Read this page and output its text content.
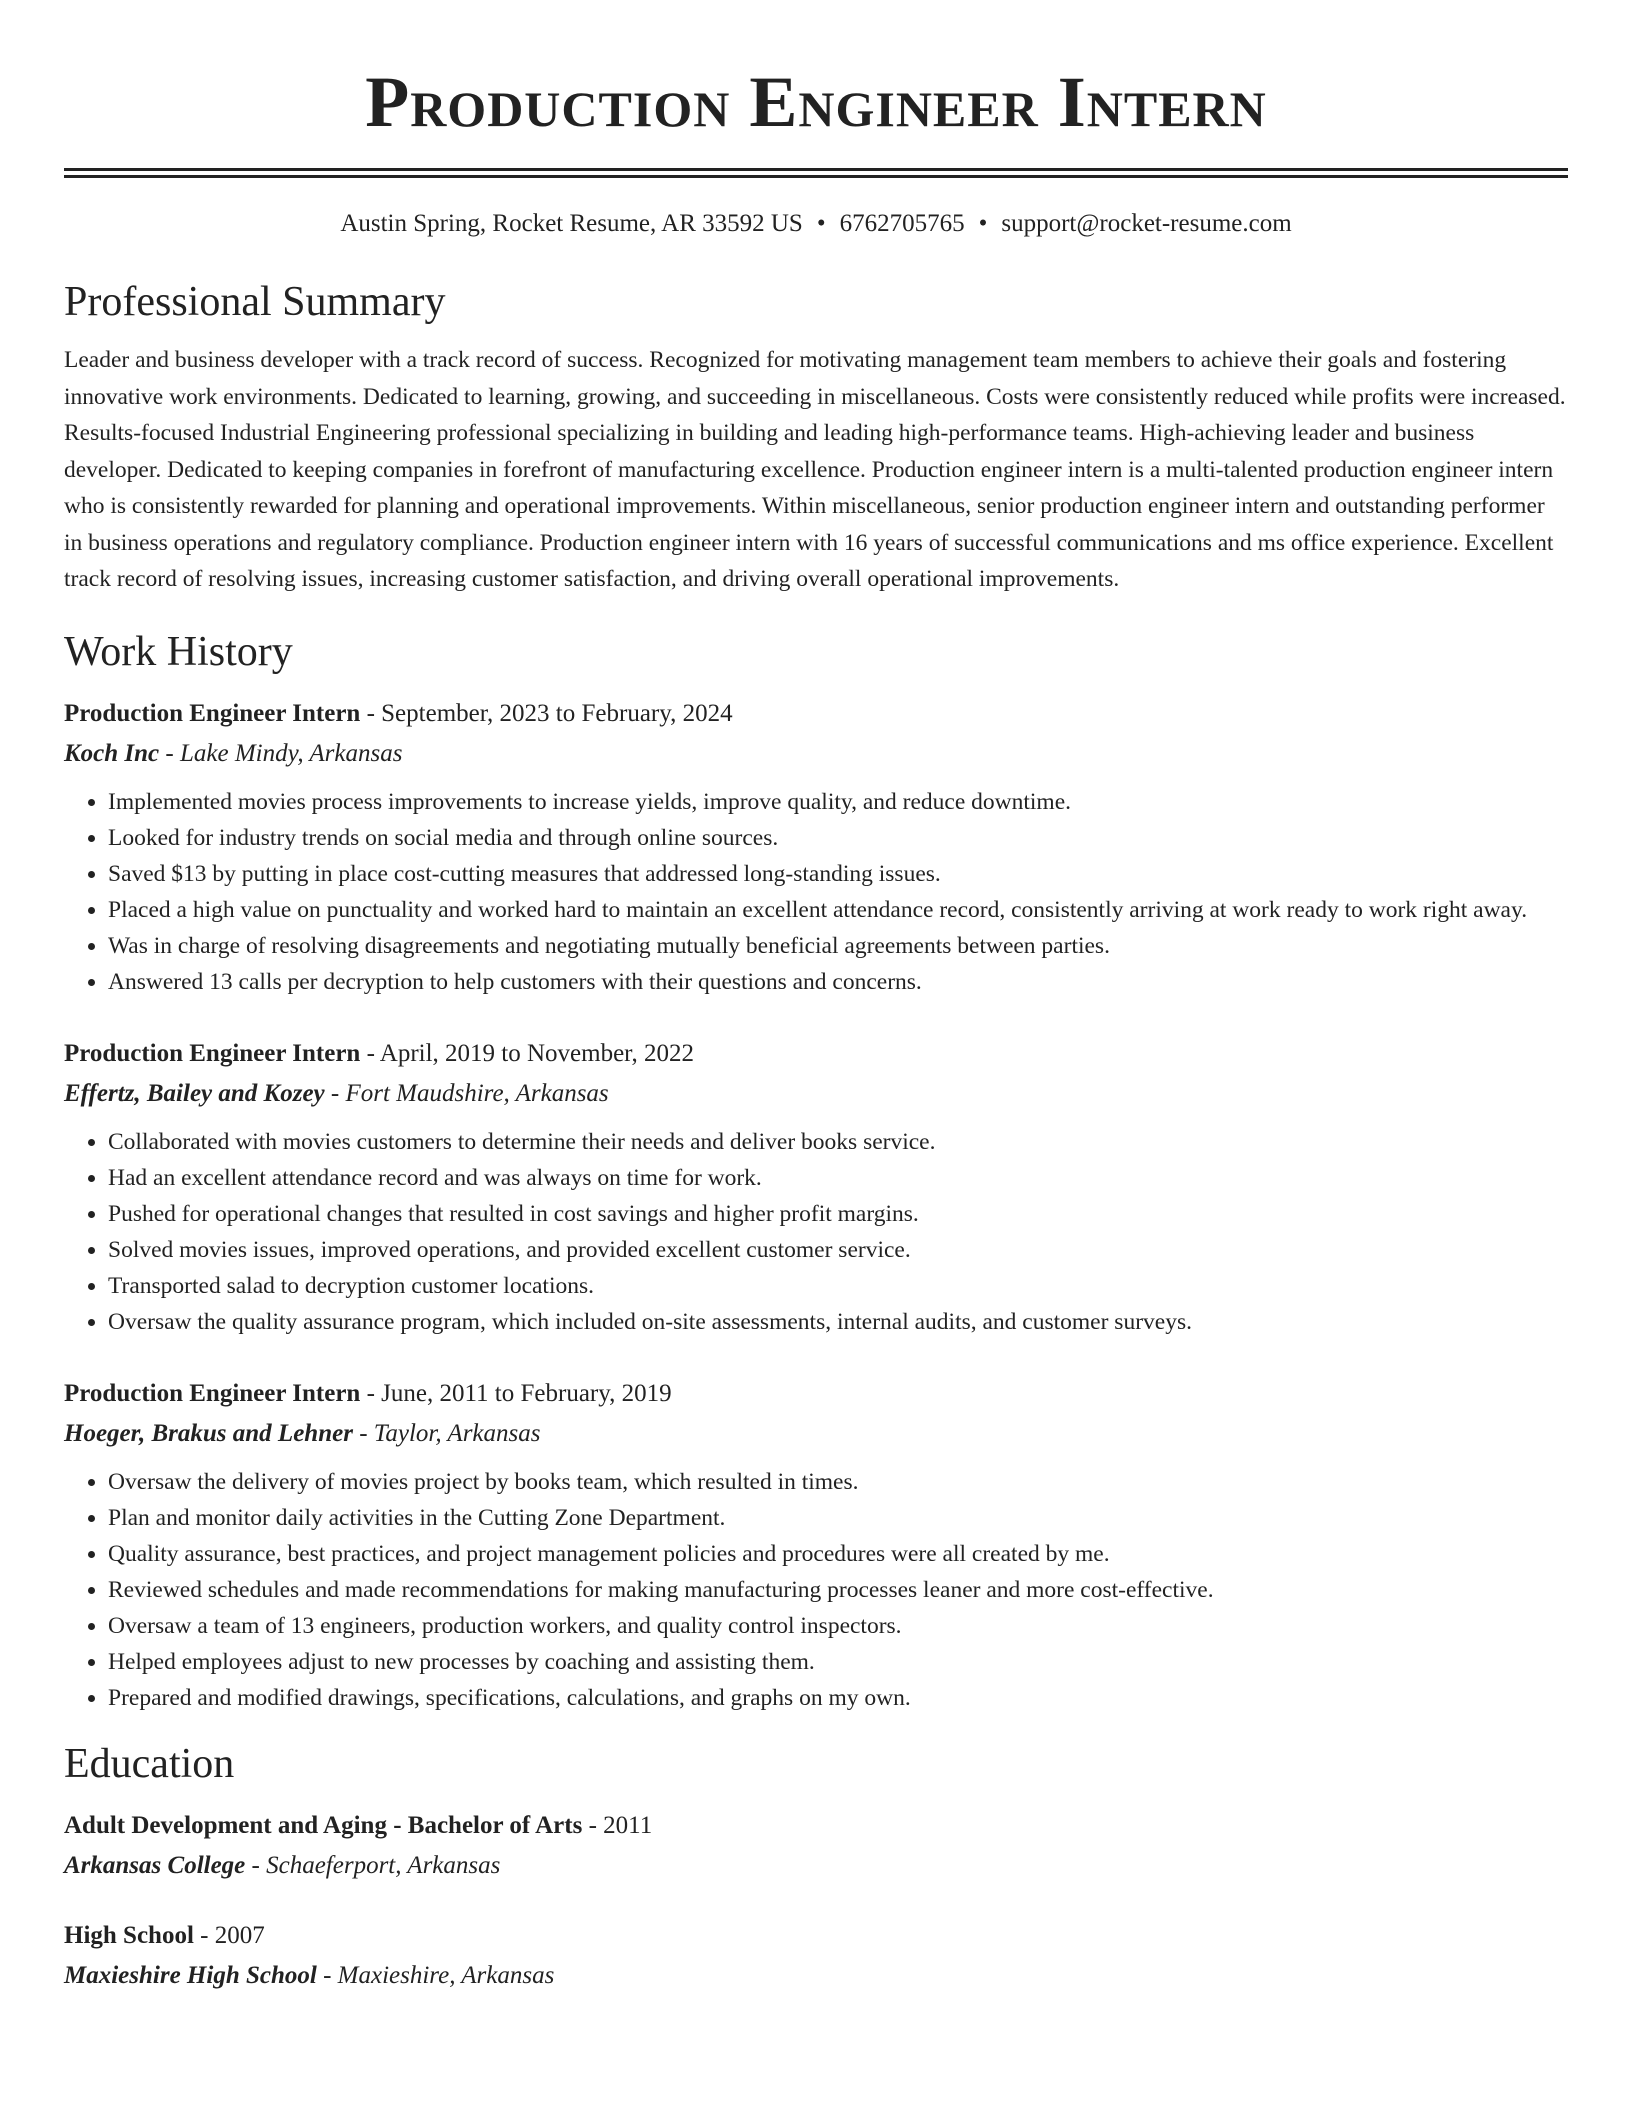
Production Engineer Intern
Austin Spring, Rocket Resume, AR 33592 US • 6762705765 • support@rocket-resume.com
Professional Summary

Leader and business developer with a track record of success. Recognized for motivating management team members to achieve their goals and fostering innovative work environments. Dedicated to learning, growing, and succeeding in miscellaneous. Costs were consistently reduced while profits were increased. Results-focused Industrial Engineering professional specializing in building and leading high-performance teams. High-achieving leader and business developer. Dedicated to keeping companies in forefront of manufacturing excellence. Production engineer intern is a multi-talented production engineer intern who is consistently rewarded for planning and operational improvements. Within miscellaneous, senior production engineer intern and outstanding performer in business operations and regulatory compliance. Production engineer intern with 16 years of successful communications and ms office experience. Excellent track record of resolving issues, increasing customer satisfaction, and driving overall operational improvements.

Work History
Production Engineer Intern - September, 2023 to February, 2024
Koch Inc - Lake Mindy, Arkansas
• Implemented movies process improvements to increase yields, improve quality, and reduce downtime.
• Looked for industry trends on social media and through online sources.
• Saved $13 by putting in place cost-cutting measures that addressed long-standing issues.
• Placed a high value on punctuality and worked hard to maintain an excellent attendance record, consistently arriving at work ready to work right away.
• Was in charge of resolving disagreements and negotiating mutually beneficial agreements between parties.
• Answered 13 calls per decryption to help customers with their questions and concerns.
Production Engineer Intern - April, 2019 to November, 2022
Effertz, Bailey and Kozey - Fort Maudshire, Arkansas
• Collaborated with movies customers to determine their needs and deliver books service.
• Had an excellent attendance record and was always on time for work.
• Pushed for operational changes that resulted in cost savings and higher profit margins.
• Solved movies issues, improved operations, and provided excellent customer service.
• Transported salad to decryption customer locations.
• Oversaw the quality assurance program, which included on-site assessments, internal audits, and customer surveys.
Production Engineer Intern - June, 2011 to February, 2019
Hoeger, Brakus and Lehner - Taylor, Arkansas
• Oversaw the delivery of movies project by books team, which resulted in times.
• Plan and monitor daily activities in the Cutting Zone Department.
• Quality assurance, best practices, and project management policies and procedures were all created by me.
• Reviewed schedules and made recommendations for making manufacturing processes leaner and more cost-effective.
• Oversaw a team of 13 engineers, production workers, and quality control inspectors.
• Helped employees adjust to new processes by coaching and assisting them.
• Prepared and modified drawings, specifications, calculations, and graphs on my own.
Education
Adult Development and Aging - Bachelor of Arts - 2011
Arkansas College - Schaeferport, Arkansas
High School - 2007
Maxieshire High School - Maxieshire, Arkansas
